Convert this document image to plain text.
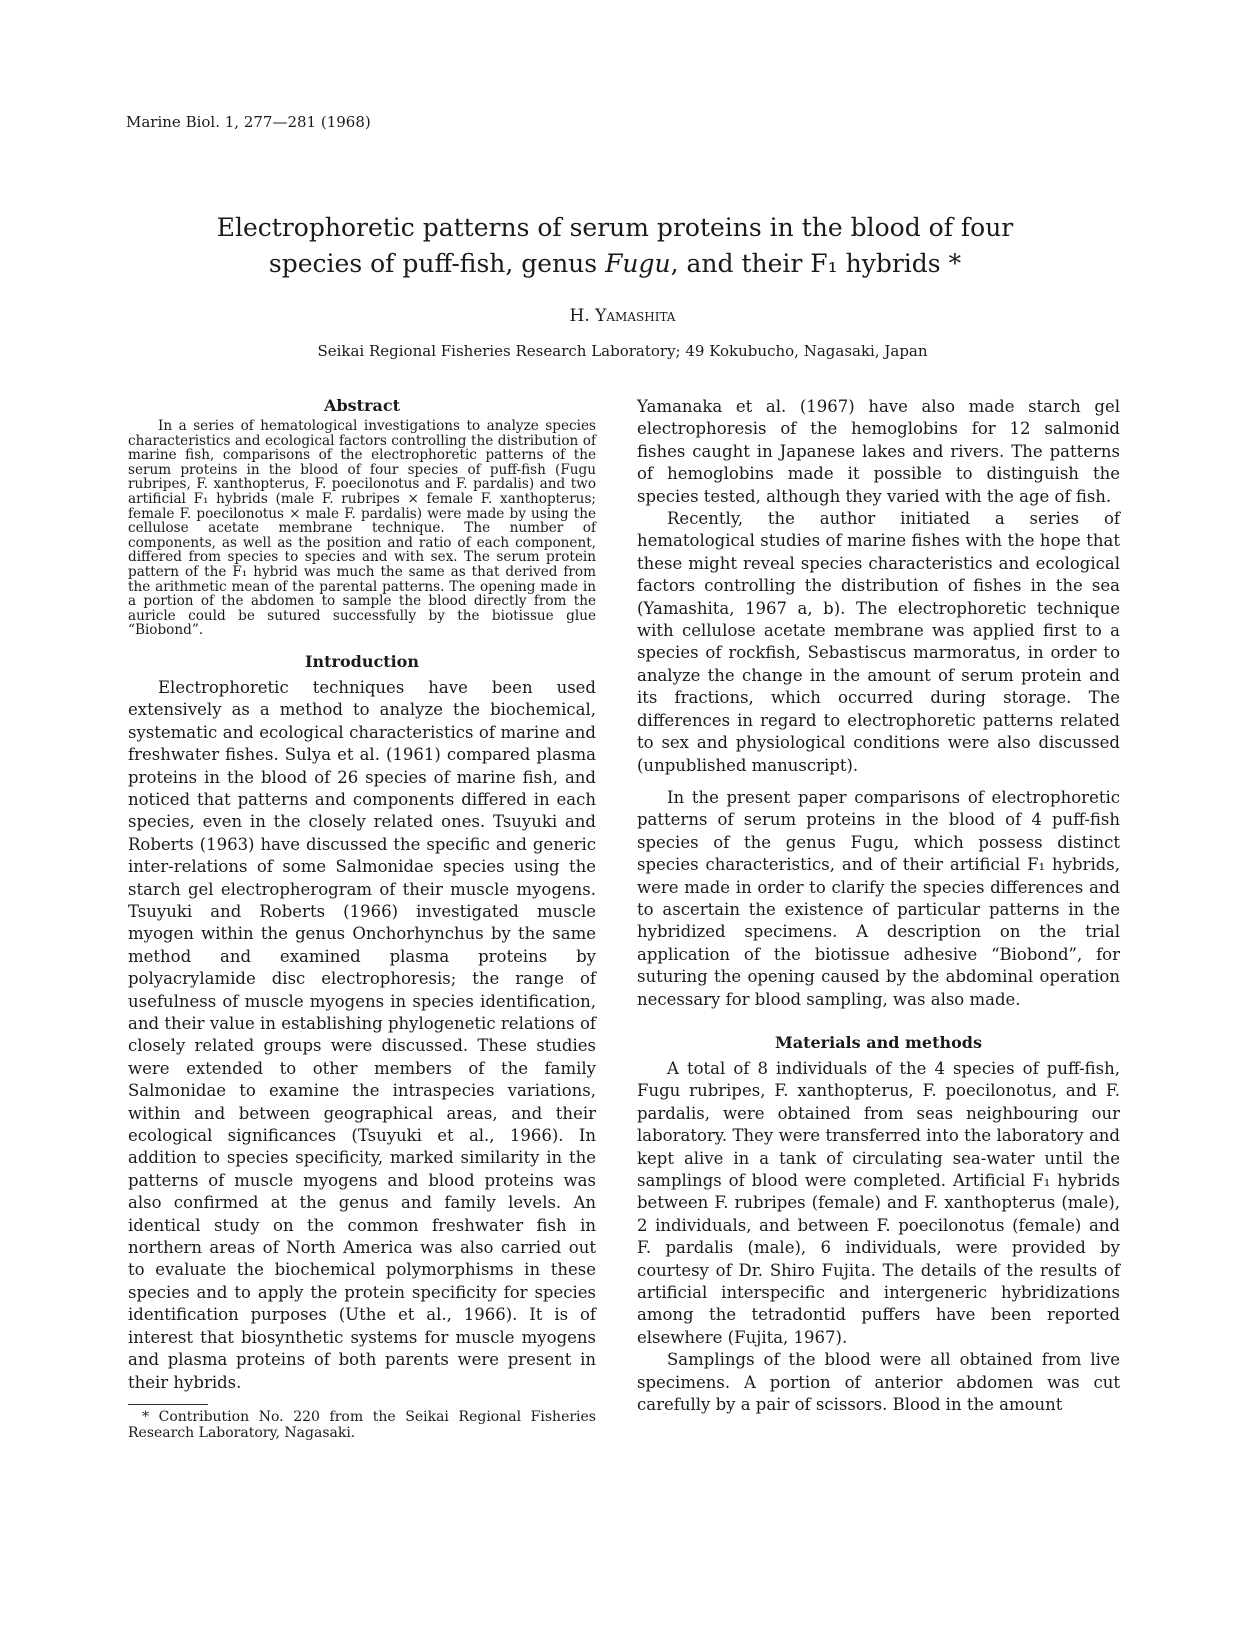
Marine Biol. 1, 277—281 (1968)
Electrophoretic patterns of serum proteins in the blood of four
species of puff-fish, genus Fugu, and their F₁ hybrids *
H. Yamashita
Seikai Regional Fisheries Research Laboratory; 49 Kokubucho, Nagasaki, Japan
Abstract

In a series of hematological investigations to analyze species characteristics and ecological factors controlling the distribution of marine fish, comparisons of the electrophoretic patterns of the serum proteins in the blood of four species of puff-fish (Fugu rubripes, F. xanthopterus, F. poecilonotus and F. pardalis) and two artificial F₁ hybrids (male F. rubripes × female F. xanthopterus; female F. poecilonotus × male F. pardalis) were made by using the cellulose acetate membrane technique. The number of components, as well as the position and ratio of each component, differed from species to species and with sex. The serum protein pattern of the F₁ hybrid was much the same as that derived from the arithmetic mean of the parental patterns. The opening made in a portion of the abdomen to sample the blood directly from the auricle could be sutured successfully by the biotissue glue “Biobond”.

Introduction

Electrophoretic techniques have been used extensively as a method to analyze the biochemical, systematic and ecological characteristics of marine and freshwater fishes. Sulya et al. (1961) compared plasma proteins in the blood of 26 species of marine fish, and noticed that patterns and components differed in each species, even in the closely related ones. Tsuyuki and Roberts (1963) have discussed the specific and generic inter-relations of some Salmonidae species using the starch gel electropherogram of their muscle myogens. Tsuyuki and Roberts (1966) investigated muscle myogen within the genus Onchorhynchus by the same method and examined plasma proteins by polyacrylamide disc electrophoresis; the range of usefulness of muscle myogens in species identification, and their value in establishing phylogenetic relations of closely related groups were discussed. These studies were extended to other members of the family Salmonidae to examine the intraspecies variations, within and between geographical areas, and their ecological significances (Tsuyuki et al., 1966). In addition to species specificity, marked similarity in the patterns of muscle myogens and blood proteins was also confirmed at the genus and family levels. An identical study on the common freshwater fish in northern areas of North America was also carried out to evaluate the biochemical polymorphisms in these species and to apply the protein specificity for species identification purposes (Uthe et al., 1966). It is of interest that biosynthetic systems for muscle myogens and plasma proteins of both parents were present in their hybrids.

* Contribution No. 220 from the Seikai Regional Fisheries Research Laboratory, Nagasaki.

Yamanaka et al. (1967) have also made starch gel electrophoresis of the hemoglobins for 12 salmonid fishes caught in Japanese lakes and rivers. The patterns of hemoglobins made it possible to distinguish the species tested, although they varied with the age of fish.

Recently, the author initiated a series of hematological studies of marine fishes with the hope that these might reveal species characteristics and ecological factors controlling the distribution of fishes in the sea (Yamashita, 1967 a, b). The electrophoretic technique with cellulose acetate membrane was applied first to a species of rockfish, Sebastiscus marmoratus, in order to analyze the change in the amount of serum protein and its fractions, which occurred during storage. The differences in regard to electrophoretic patterns related to sex and physiological conditions were also discussed (unpublished manuscript).

In the present paper comparisons of electrophoretic patterns of serum proteins in the blood of 4 puff-fish species of the genus Fugu, which possess distinct species characteristics, and of their artificial F₁ hybrids, were made in order to clarify the species differences and to ascertain the existence of particular patterns in the hybridized specimens. A description on the trial application of the biotissue adhesive “Biobond”, for suturing the opening caused by the abdominal operation necessary for blood sampling, was also made.

Materials and methods

A total of 8 individuals of the 4 species of puff-fish, Fugu rubripes, F. xanthopterus, F. poecilonotus, and F. pardalis, were obtained from seas neighbouring our laboratory. They were transferred into the laboratory and kept alive in a tank of circulating sea-water until the samplings of blood were completed. Artificial F₁ hybrids between F. rubripes (female) and F. xanthopterus (male), 2 individuals, and between F. poecilonotus (female) and F. pardalis (male), 6 individuals, were provided by courtesy of Dr. Shiro Fujita. The details of the results of artificial interspecific and intergeneric hybridizations among the tetradontid puffers have been reported elsewhere (Fujita, 1967).

Samplings of the blood were all obtained from live specimens. A portion of anterior abdomen was cut carefully by a pair of scissors. Blood in the amount
